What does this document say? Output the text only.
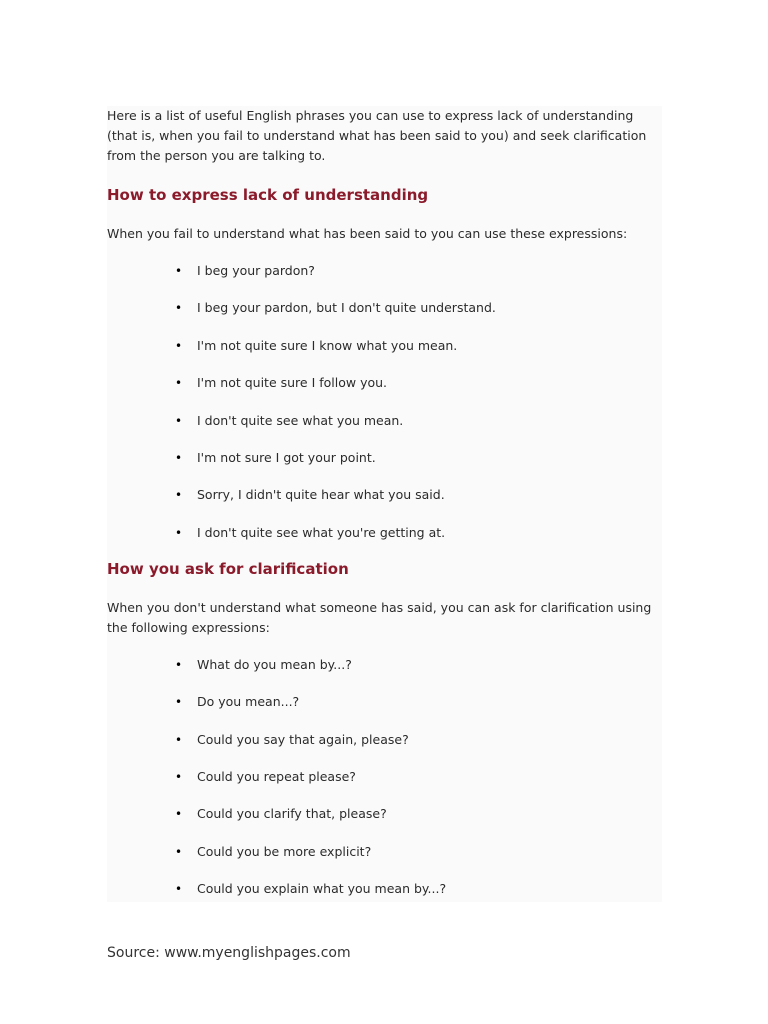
Here is a list of useful English phrases you can use to express lack of understanding (that is, when you fail to understand what has been said to you) and seek clarification from the person you are talking to.

How to express lack of understanding

When you fail to understand what has been said to you can use these expressions:

• I beg your pardon?
• I beg your pardon, but I don't quite understand.
• I'm not quite sure I know what you mean.
• I'm not quite sure I follow you.
• I don't quite see what you mean.
• I'm not sure I got your point.
• Sorry, I didn't quite hear what you said.
• I don't quite see what you're getting at.
How you ask for clarification

When you don't understand what someone has said, you can ask for clarification using the following expressions:

• What do you mean by...?
• Do you mean...?
• Could you say that again, please?
• Could you repeat please?
• Could you clarify that, please?
• Could you be more explicit?
• Could you explain what you mean by...?

Source: www.myenglishpages.com
